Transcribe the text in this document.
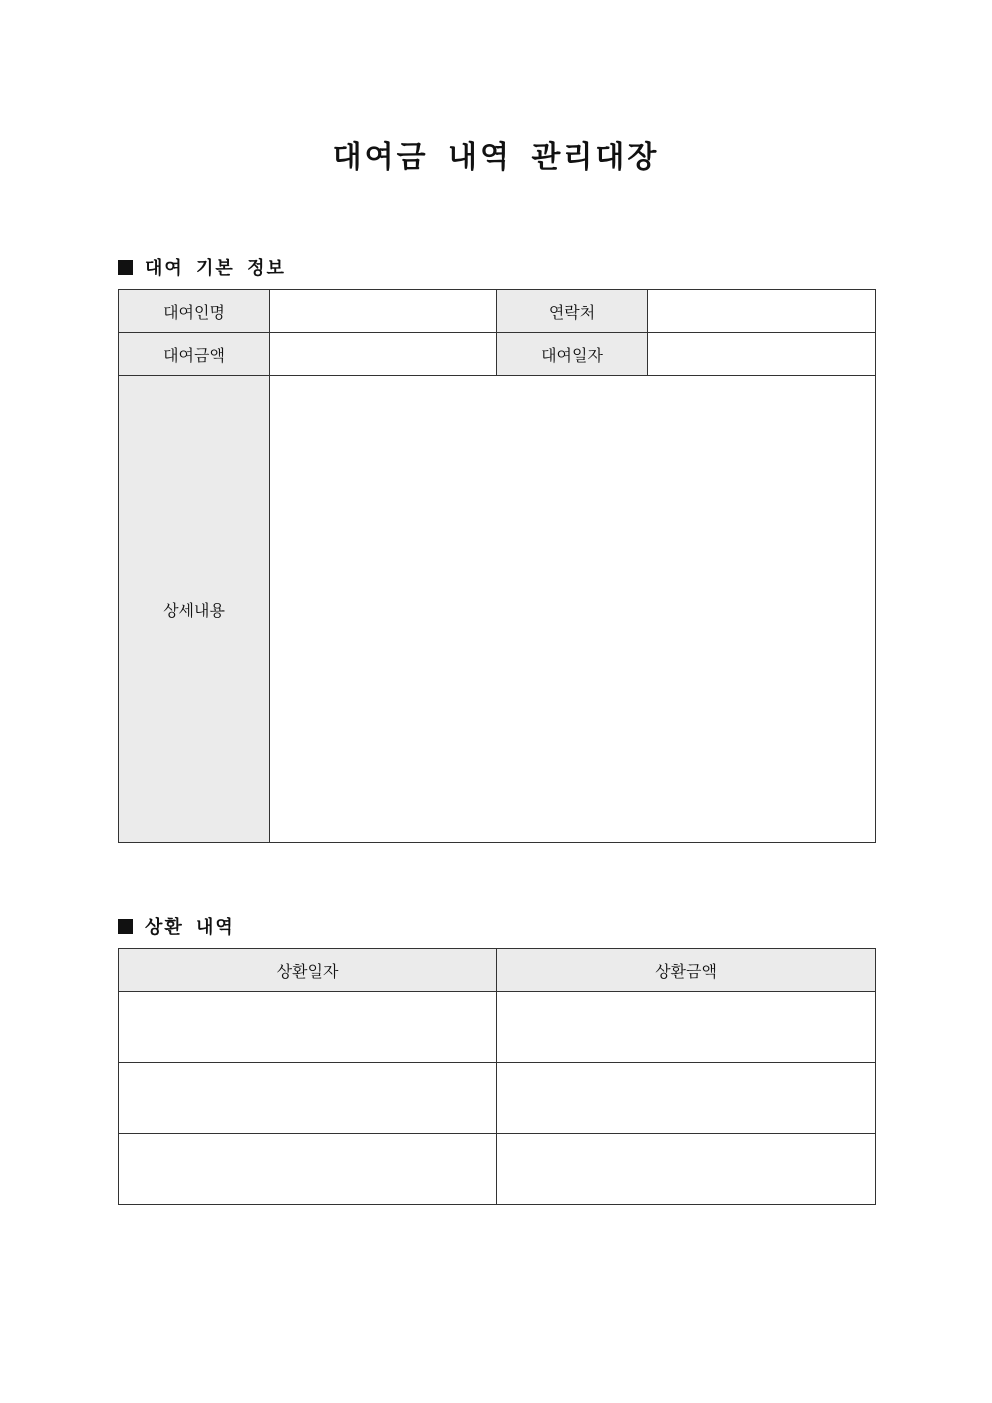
대여금 내역 관리대장
대여 기본 정보
대여인명		연락처	
대여금액		대여일자	
상세내용			
상환 내역
상환일자	상환금액
